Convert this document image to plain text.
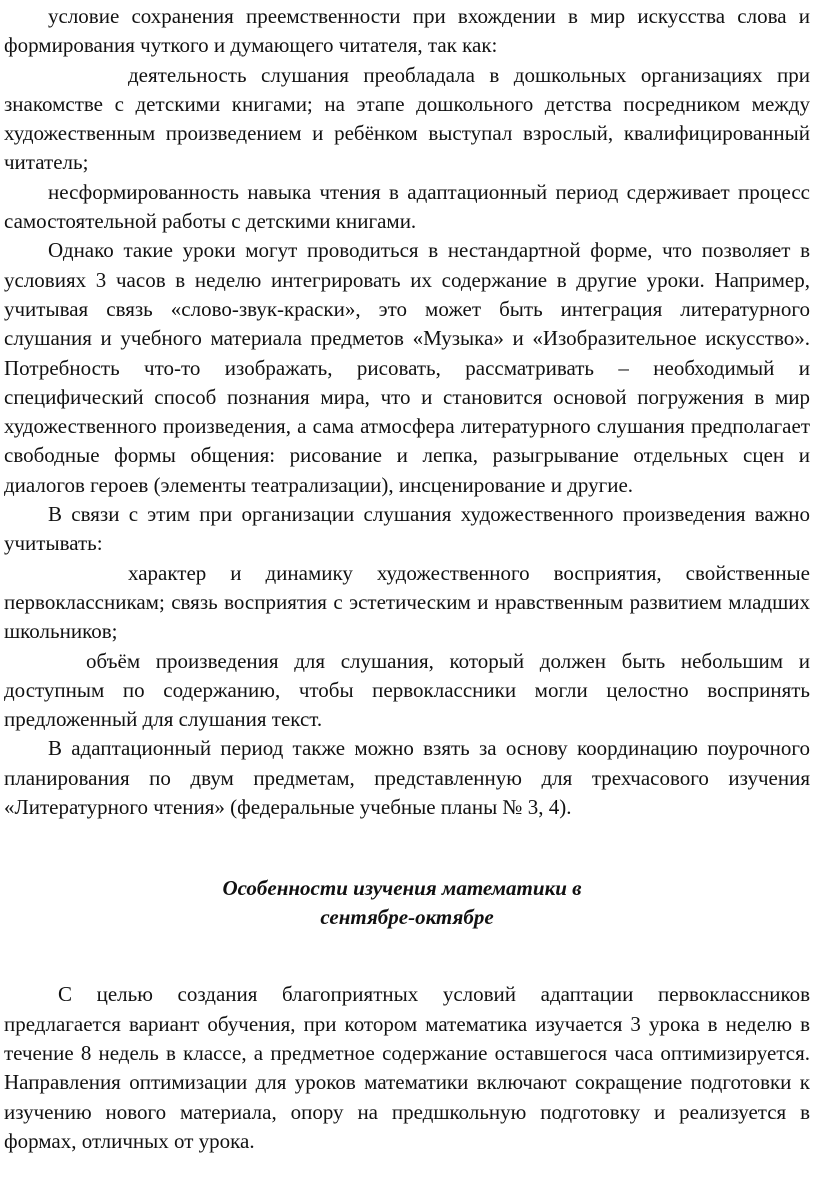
условие сохранения преемственности при вхождении в мир искусства слова и формирования чуткого и думающего читателя, так как:

деятельность слушания преобладала в дошкольных организациях при знакомстве с детскими книгами; на этапе дошкольного детства посредником между художественным произведением и ребёнком выступал взрослый, квалифицированный читатель;

несформированность навыка чтения в адаптационный период сдерживает процесс самостоятельной работы с детскими книгами.

Однако такие уроки могут проводиться в нестандартной форме, что позволяет в условиях 3 часов в неделю интегрировать их содержание в другие уроки. Например, учитывая связь «слово-звук-краски», это может быть интеграция литературного слушания и учебного материала предметов «Музыка» и «Изобразительное искусство». Потребность что-то изображать, рисовать, рассматривать – необходимый и специфический способ познания мира, что и становится основой погружения в мир художественного произведения, а сама атмосфера литературного слушания предполагает свободные формы общения: рисование и лепка, разыгрывание отдельных сцен и диалогов героев (элементы театрализации), инсценирование и другие.

В связи с этим при организации слушания художественного произведения важно учитывать:

характер и динамику художественного восприятия, свойственные первоклассникам; связь восприятия с эстетическим и нравственным развитием младших школьников;

объём произведения для слушания, который должен быть небольшим и доступным по содержанию, чтобы первоклассники могли целостно воспринять предложенный для слушания текст.

В адаптационный период также можно взять за основу координацию поурочного планирования по двум предметам, представленную для трехчасового изучения «Литературного чтения» (федеральные учебные планы № 3, 4).

Особенности изучения математики в
сентябре-октябре

С целью создания благоприятных условий адаптации первоклассников предлагается вариант обучения, при котором математика изучается 3 урока в неделю в течение 8 недель в классе, а предметное содержание оставшегося часа оптимизируется. Направления оптимизации для уроков математики включают сокращение подготовки к изучению нового материала, опору на предшкольную подготовку и реализуется в формах, отличных от урока.
